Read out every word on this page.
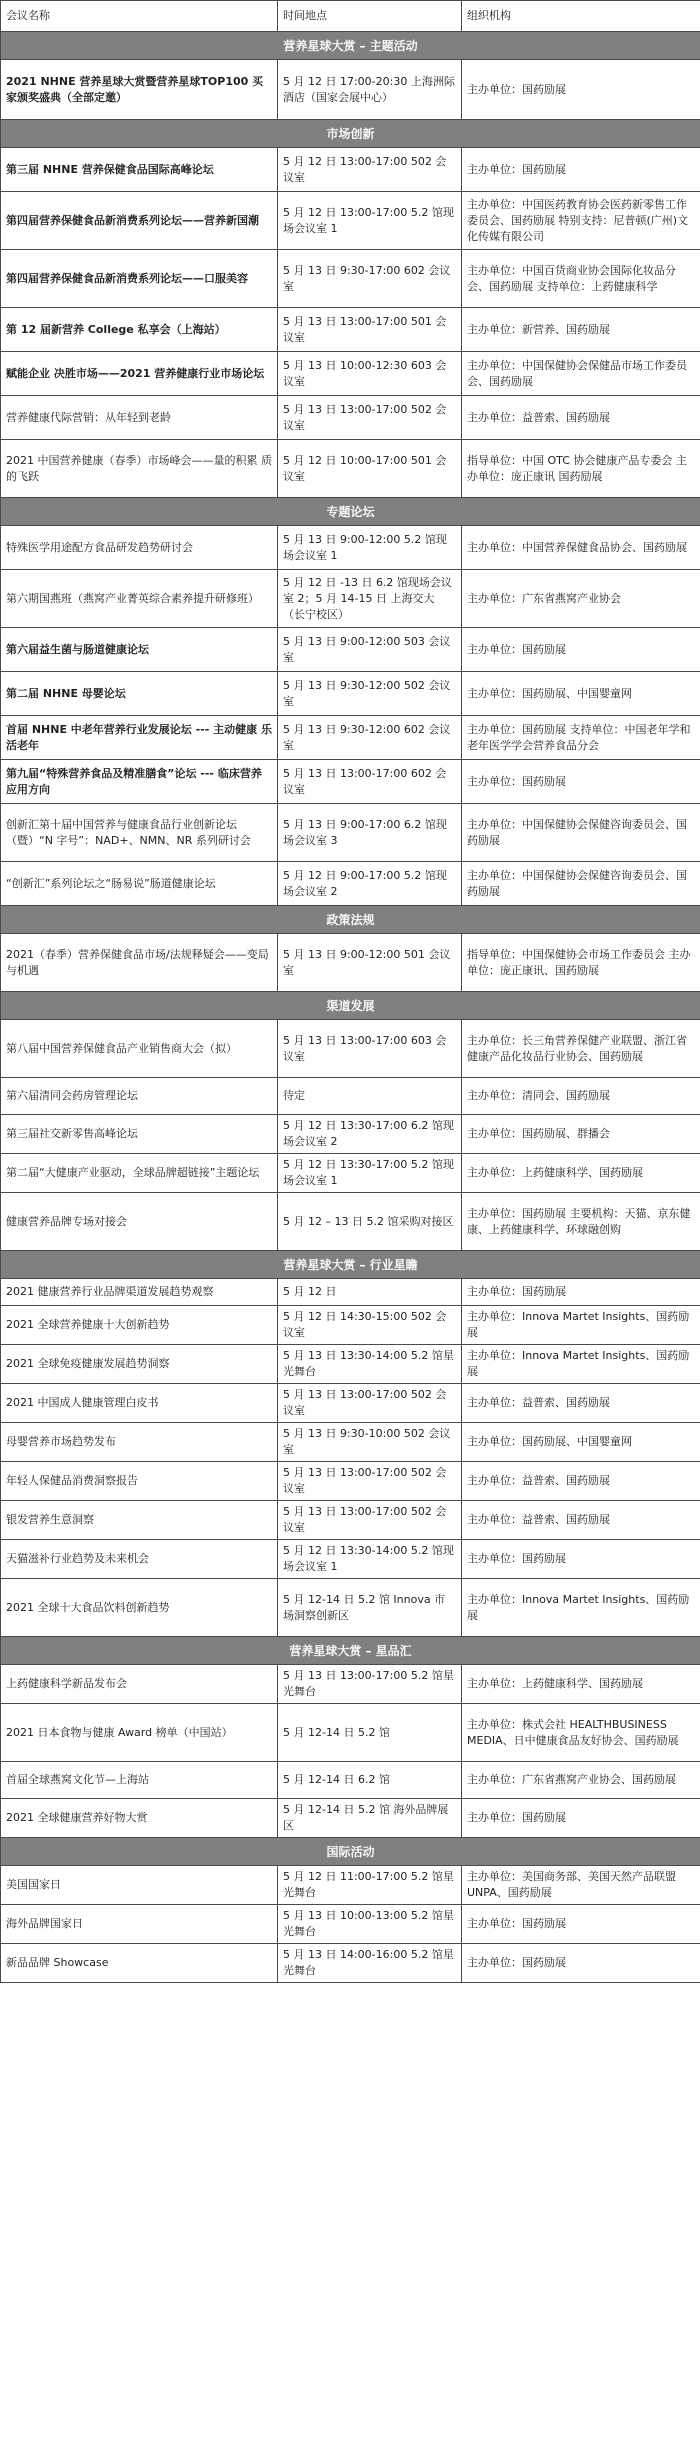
会议名称	时间地点	组织机构
营养星球大赏 – 主题活动		
2021 NHNE 营养星球大赏暨营养星球TOP100 买家颁奖盛典（全部定邀）	5 月 12 日 17:00-20:30 上海洲际酒店（国家会展中心）	主办单位：国药励展
市场创新		
第三届 NHNE 营养保健食品国际高峰论坛	5 月 12 日 13:00-17:00 502 会议室	主办单位：国药励展
第四届营养保健食品新消费系列论坛——营养新国潮	5 月 12 日 13:00-17:00 5.2 馆现场会议室 1	主办单位：中国医药教育协会医药新零售工作委员会、国药励展 特别支持：尼普顿(广州)文化传媒有限公司
第四届营养保健食品新消费系列论坛——口服美容	5 月 13 日 9:30-17:00 602 会议室	主办单位：中国百货商业协会国际化妆品分会、国药励展 支持单位：上药健康科学
第 12 届新营养 College 私享会（上海站）	5 月 13 日 13:00-17:00 501 会议室	主办单位：新营养、国药励展
赋能企业 决胜市场——2021 营养健康行业市场论坛	5 月 13 日 10:00-12:30 603 会议室	主办单位：中国保健协会保健品市场工作委员会、国药励展
营养健康代际营销：从年轻到老龄	5 月 13 日 13:00-17:00 502 会议室	主办单位：益普索、国药励展
2021 中国营养健康（春季）市场峰会——量的积累 质的飞跃	5 月 12 日 10:00-17:00 501 会议室	指导单位：中国 OTC 协会健康产品专委会 主办单位：庞正康讯 国药励展
专题论坛		
特殊医学用途配方食品研发趋势研讨会	5 月 13 日 9:00-12:00 5.2 馆现场会议室 1	主办单位：中国营养保健食品协会、国药励展
第六期国燕班（燕窝产业菁英综合素养提升研修班）	5 月 12 日 -13 日 6.2 馆现场会议室 2；5 月 14-15 日 上海交大（长宁校区）	主办单位：广东省燕窝产业协会
第六届益生菌与肠道健康论坛	5 月 13 日 9:00-12:00 503 会议室	主办单位：国药励展
第二届 NHNE 母婴论坛	5 月 13 日 9:30-12:00 502 会议室	主办单位：国药励展、中国婴童网
首届 NHNE 中老年营养行业发展论坛 --- 主动健康 乐活老年	5 月 13 日 9:30-12:00 602 会议室	主办单位：国药励展 支持单位：中国老年学和老年医学学会营养食品分会
第九届“特殊营养食品及精准膳食”论坛 --- 临床营养应用方向	5 月 13 日 13:00-17:00 602 会议室	主办单位：国药励展
创新汇第十届中国营养与健康食品行业创新论坛（暨）“N 字号”：NAD+、NMN、NR 系列研讨会	5 月 13 日 9:00-17:00 6.2 馆现场会议室 3	主办单位：中国保健协会保健咨询委员会、国药励展
“创新汇”系列论坛之“肠易说”肠道健康论坛	5 月 12 日 9:00-17:00 5.2 馆现场会议室 2	主办单位：中国保健协会保健咨询委员会、国药励展
政策法规		
2021（春季）营养保健食品市场/法规释疑会——变局与机遇	5 月 13 日 9:00-12:00 501 会议室	指导单位：中国保健协会市场工作委员会 主办单位：庞正康讯、国药励展
渠道发展		
第八届中国营养保健食品产业销售商大会（拟）	5 月 13 日 13:00-17:00 603 会议室	主办单位：长三角营养保健产业联盟、浙江省健康产品化妆品行业协会、国药励展
第六届清同会药房管理论坛	待定	主办单位：清同会、国药励展
第三届社交新零售高峰论坛	5 月 12 日 13:30-17:00 6.2 馆现场会议室 2	主办单位：国药励展、群播会
第二届“大健康产业驱动，全球品牌超链接”主题论坛	5 月 12 日 13:30-17:00 5.2 馆现场会议室 1	主办单位：上药健康科学、国药励展
健康营养品牌专场对接会	5 月 12 – 13 日 5.2 馆采购对接区	主办单位：国药励展 主要机构：天猫、京东健康、上药健康科学、环球融创购
营养星球大赏 – 行业星瞻		
2021 健康营养行业品牌渠道发展趋势观察	5 月 12 日	主办单位：国药励展
2021 全球营养健康十大创新趋势	5 月 12 日 14:30-15:00 502 会议室	主办单位：Innova Martet Insights、国药励展
2021 全球免疫健康发展趋势洞察	5 月 13 日 13:30-14:00 5.2 馆星光舞台	主办单位：Innova Martet Insights、国药励展
2021 中国成人健康管理白皮书	5 月 13 日 13:00-17:00 502 会议室	主办单位：益普索、国药励展
母婴营养市场趋势发布	5 月 13 日 9:30-10:00 502 会议室	主办单位：国药励展、中国婴童网
年轻人保健品消费洞察报告	5 月 13 日 13:00-17:00 502 会议室	主办单位：益普索、国药励展
银发营养生意洞察	5 月 13 日 13:00-17:00 502 会议室	主办单位：益普索、国药励展
天猫滋补行业趋势及未来机会	5 月 12 日 13:30-14:00 5.2 馆现场会议室 1	主办单位：国药励展
2021 全球十大食品饮料创新趋势	5 月 12-14 日 5.2 馆 Innova 市场洞察创新区	主办单位：Innova Martet Insights、国药励展
营养星球大赏 – 星品汇		
上药健康科学新品发布会	5 月 13 日 13:00-17:00 5.2 馆星光舞台	主办单位：上药健康科学、国药励展
2021 日本食物与健康 Award 榜单（中国站）	5 月 12-14 日 5.2 馆	主办单位：株式会社 HEALTHBUSINESS MEDIA、日中健康食品友好协会、国药励展
首届全球燕窝文化节—上海站	5 月 12-14 日 6.2 馆	主办单位：广东省燕窝产业协会、国药励展
2021 全球健康营养好物大赏	5 月 12-14 日 5.2 馆 海外品牌展区	主办单位：国药励展
国际活动		
美国国家日	5 月 12 日 11:00-17:00 5.2 馆星光舞台	主办单位：美国商务部、美国天然产品联盟 UNPA、国药励展
海外品牌国家日	5 月 13 日 10:00-13:00 5.2 馆星光舞台	主办单位：国药励展
新品品牌 Showcase	5 月 13 日 14:00-16:00 5.2 馆星光舞台	主办单位：国药励展
